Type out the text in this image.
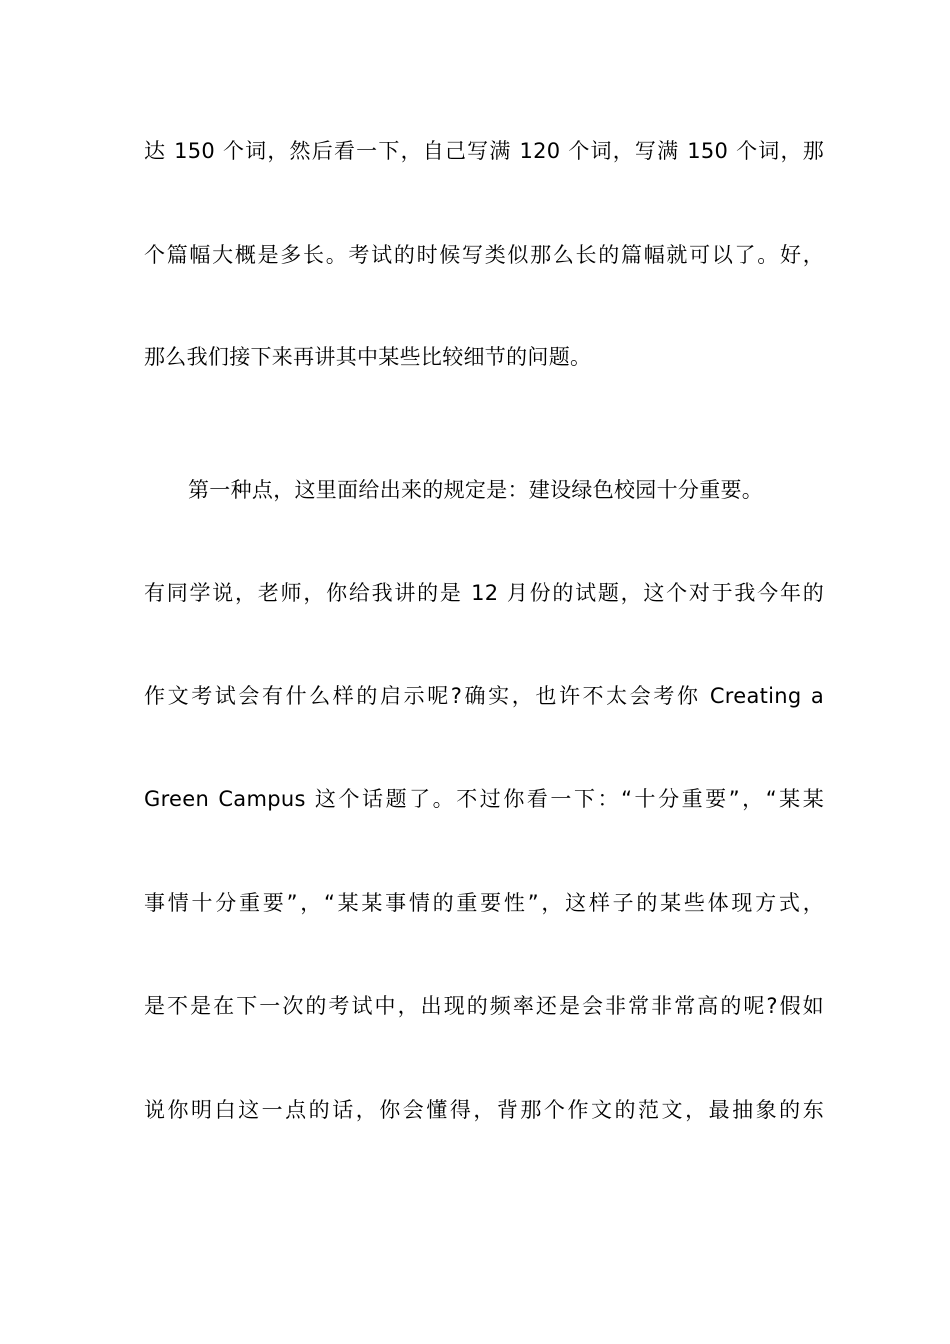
达 150 个词，然后看一下，自己写满 120 个词，写满 150 个词，那
个篇幅大概是多长。考试的时候写类似那么长的篇幅就可以了。好，
那么我们接下来再讲其中某些比较细节的问题。
第一种点，这里面给出来的规定是：建设绿色校园十分重要。
有同学说，老师，你给我讲的是 12 月份的试题，这个对于我今年的
作文考试会有什么样的启示呢?确实，也许不太会考你 Creating a
Green Campus 这个话题了。不过你看一下：“十分重要”，“某某
事情十分重要”，“某某事情的重要性”，这样子的某些体现方式，
是不是在下一次的考试中，出现的频率还是会非常非常高的呢?假如
说你明白这一点的话，你会懂得，背那个作文的范文，最抽象的东
